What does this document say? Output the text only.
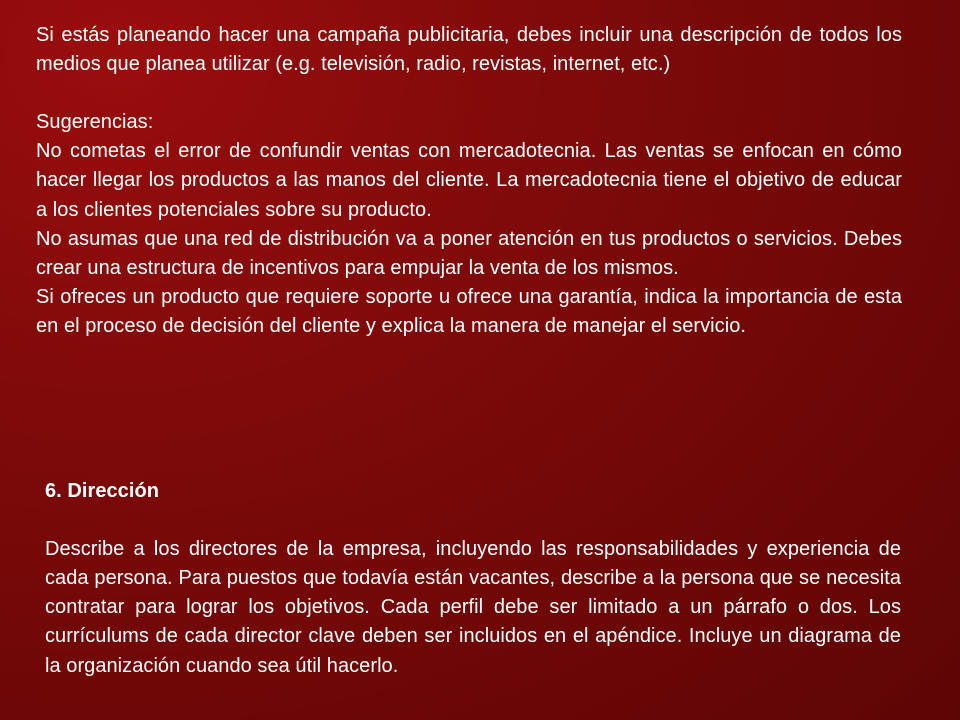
Si estás planeando hacer una campaña publicitaria, debes incluir una descripción de todos los medios que planea utilizar (e.g. televisión, radio, revistas, internet, etc.)
Sugerencias:
No cometas el error de confundir ventas con mercadotecnia. Las ventas se enfocan en cómo hacer llegar los productos a las manos del cliente. La mercadotecnia tiene el objetivo de educar a los clientes potenciales sobre su producto.
No asumas que una red de distribución va a poner atención en tus productos o servicios. Debes crear una estructura de incentivos para empujar la venta de los mismos.
Si ofreces un producto que requiere soporte u ofrece una garantía, indica la importancia de esta en el proceso de decisión del cliente y explica la manera de manejar el servicio.
6. Dirección
Describe a los directores de la empresa, incluyendo las responsabilidades y experiencia de cada persona. Para puestos que todavía están vacantes, describe a la persona que se necesita contratar para lograr los objetivos. Cada perfil debe ser limitado a un párrafo o dos. Los currículums de cada director clave deben ser incluidos en el apéndice. Incluye un diagrama de la organización cuando sea útil hacerlo.
